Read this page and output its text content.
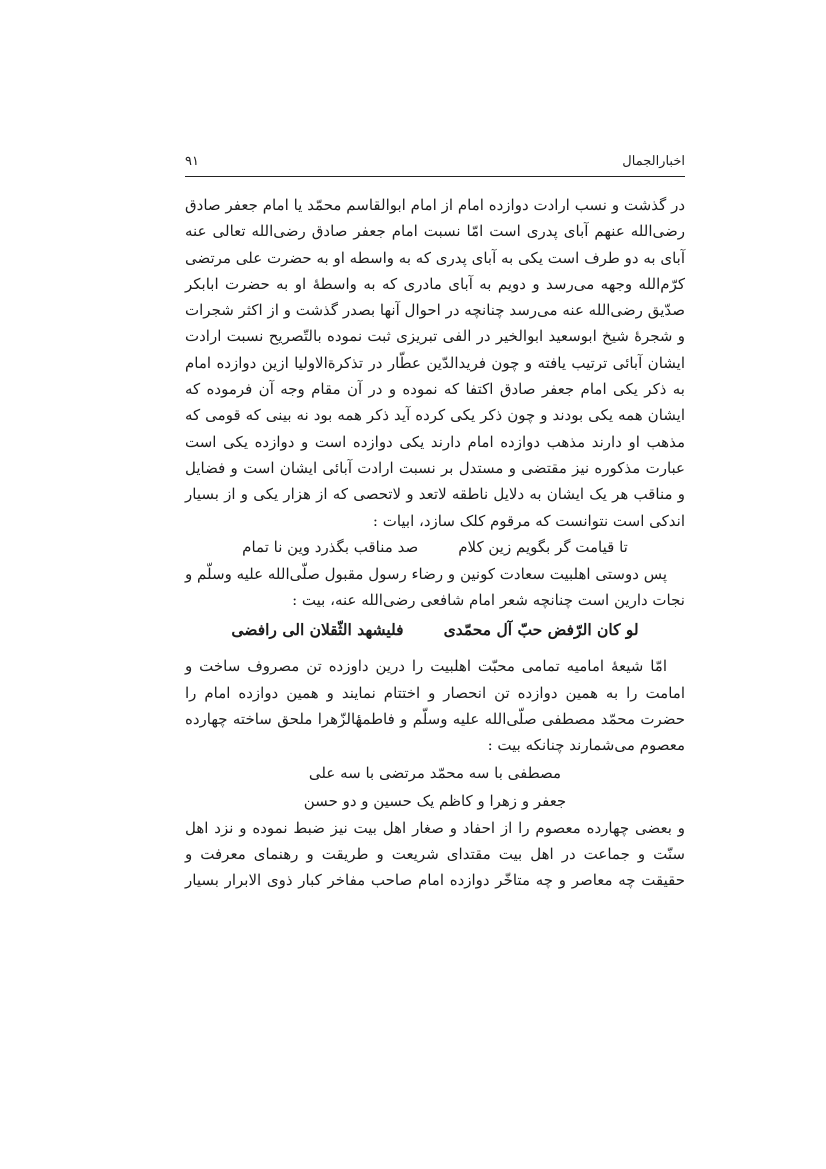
۹۱	اخبارالجمال

در گذشت و نسب ارادت دوازده امام از امام ابوالقاسم محمّد یا امام جعفر صادق رضی‌الله عنهم آبای پدری است امّا نسبت امام جعفر صادق رضی‌الله تعالی عنه آبای به دو طرف است یکی به آبای پدری که به واسطه او به حضرت علی مرتضی کرّم‌الله وجهه می‌رسد و دویم به آبای مادری که به واسطهٔ او به حضرت ابابکر صدّیق رضی‌الله عنه می‌رسد چنانچه در احوال آنها بصدر گذشت و از اکثر شجرات و شجرهٔ شیخ ابوسعید ابوالخیر در الفی تبریزی ثبت نموده بالتّصریح نسبت ارادت ایشان آبائی ترتیب یافته و چون فریدالدّین عطّار در تذکرةالاولیا ازین دوازده امام به ذکر یکی امام جعفر صادق اکتفا که نموده و در آن مقام وجه آن فرموده که ایشان همه یکی بودند و چون ذکر یکی کرده آید ذکر همه بود نه بینی که قومی که مذهب او دارند مذهب دوازده امام دارند یکی دوازده است و دوازده یکی است عبارت مذکوره نیز مقتضی و مستدل بر نسبت ارادت آبائی ایشان است و فضایل و مناقب هر یک ایشان به دلایل ناطقه لاتعد و لاتحصی که از هزار یکی و از بسیار اندکی است نتوانست که مرقوم کلک سازد، ابیات :

تا قیامت گر بگویم زین کلام
صد مناقب بگذرد وین نا تمام

پس دوستی اهلبیت سعادت کونین و رضاء رسول مقبول صلّی‌الله علیه وسلّم و نجات دارین است چنانچه شعر امام شافعی رضی‌الله عنه، بیت :

لو کان الرّفض حبّ آل محمّدی
فلیشهد الثّقلان الی رافضی

امّا شیعهٔ امامیه تمامی محبّت اهلبیت را درین داوزده تن مصروف ساخت و امامت را به همین دوازده تن انحصار و اختتام نمایند و همین دوازده امام را حضرت محمّد مصطفی صلّی‌الله علیه وسلّم و فاطمهٔالزّهرا ملحق ساخته چهارده معصوم می‌شمارند چنانکه بیت :

مصطفی با سه محمّد مرتضی با سه علی
جعفر و زهرا و کاظم یک حسین و دو حسن

و بعضی چهارده معصوم را از احفاد و صغار اهل بیت نیز ضبط نموده و نزد اهل سنّت و جماعت در اهل بیت مقتدای شریعت و طریقت و رهنمای معرفت و حقیقت چه معاصر و چه متاخّر دوازده امام صاحب مفاخر کبار ذوی الابرار بسیار
